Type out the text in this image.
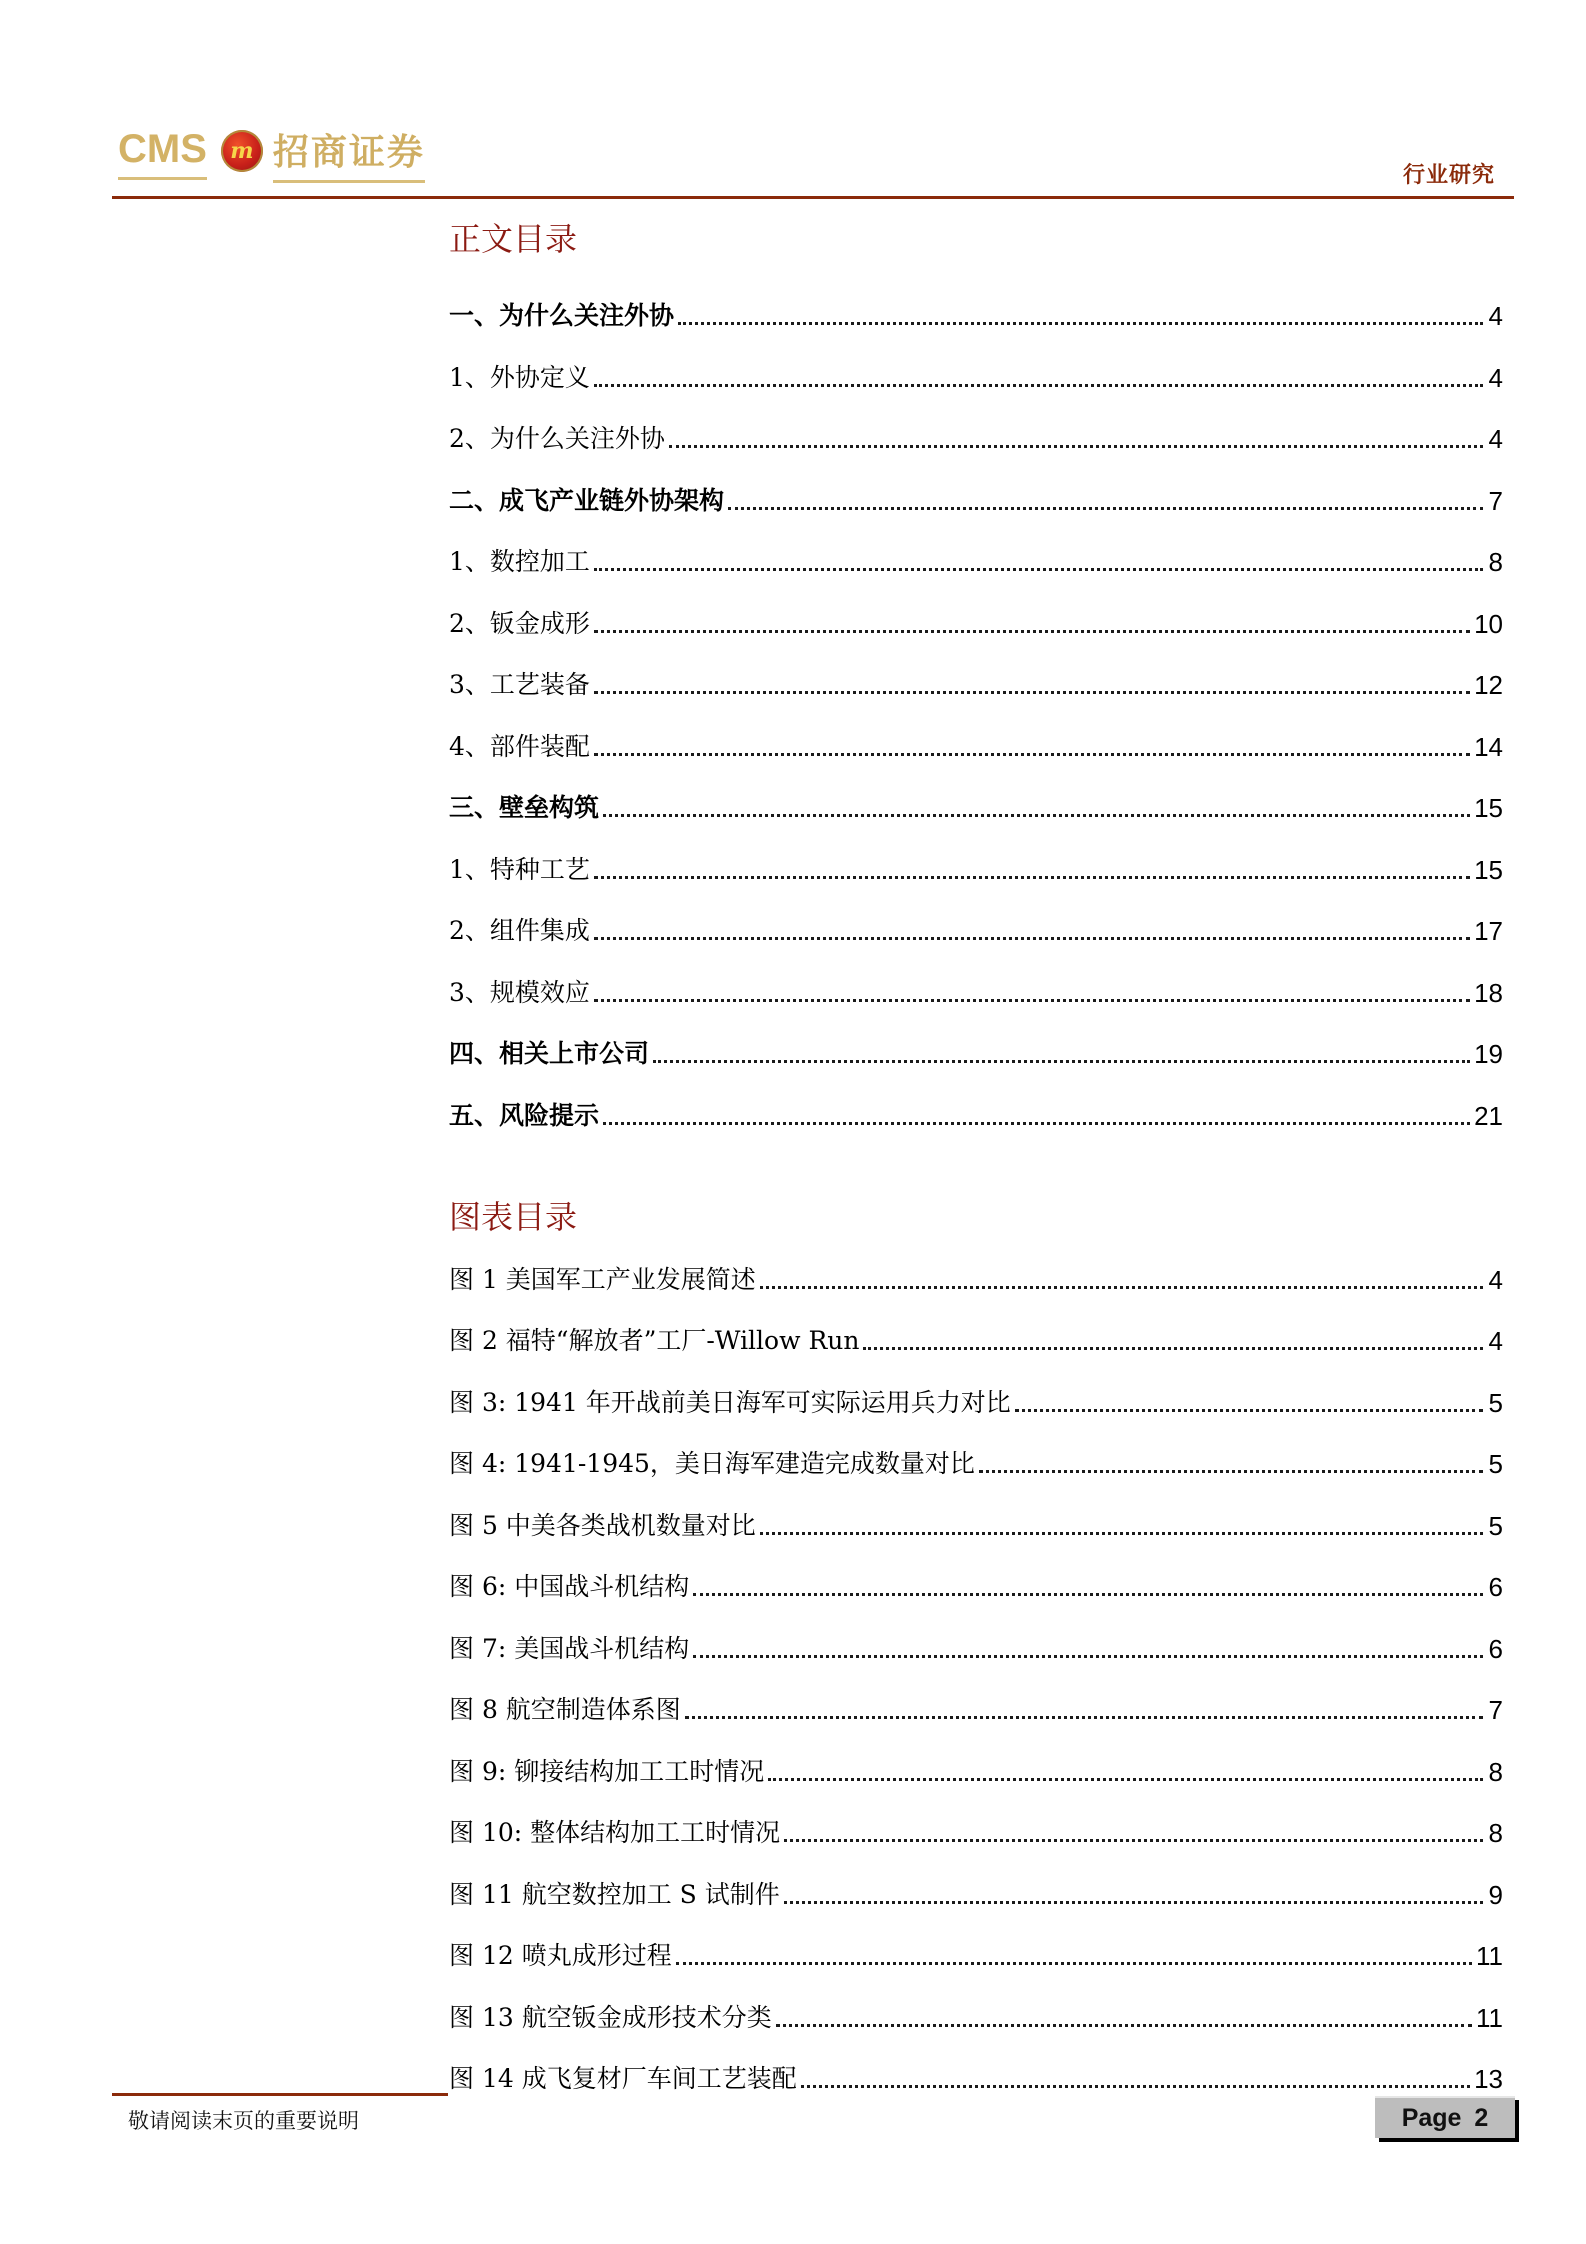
CMS	m 招商证券
行业研究
正文目录
一、为什么关注外协	4
1、外协定义	4
2、为什么关注外协	4
二、成飞产业链外协架构	7
1、数控加工	8
2、钣金成形	10
3、工艺装备	12
4、部件装配	14
三、壁垒构筑	15
1、特种工艺	15
2、组件集成	17
3、规模效应	18
四、相关上市公司	19
五、风险提示	21
图表目录
图 1 美国军工产业发展简述	4
图 2 福特“解放者”工厂-Willow Run	4
图 3: 1941 年开战前美日海军可实际运用兵力对比	5
图 4: 1941-1945，美日海军建造完成数量对比	5
图 5 中美各类战机数量对比	5
图 6: 中国战斗机结构	6
图 7: 美国战斗机结构	6
图 8 航空制造体系图	7
图 9: 铆接结构加工工时情况	8
图 10: 整体结构加工工时情况	8
图 11 航空数控加工 S 试制件	9
图 12 喷丸成形过程	11
图 13 航空钣金成形技术分类	11
图 14 成飞复材厂车间工艺装配	13
敬请阅读末页的重要说明	Page 2
